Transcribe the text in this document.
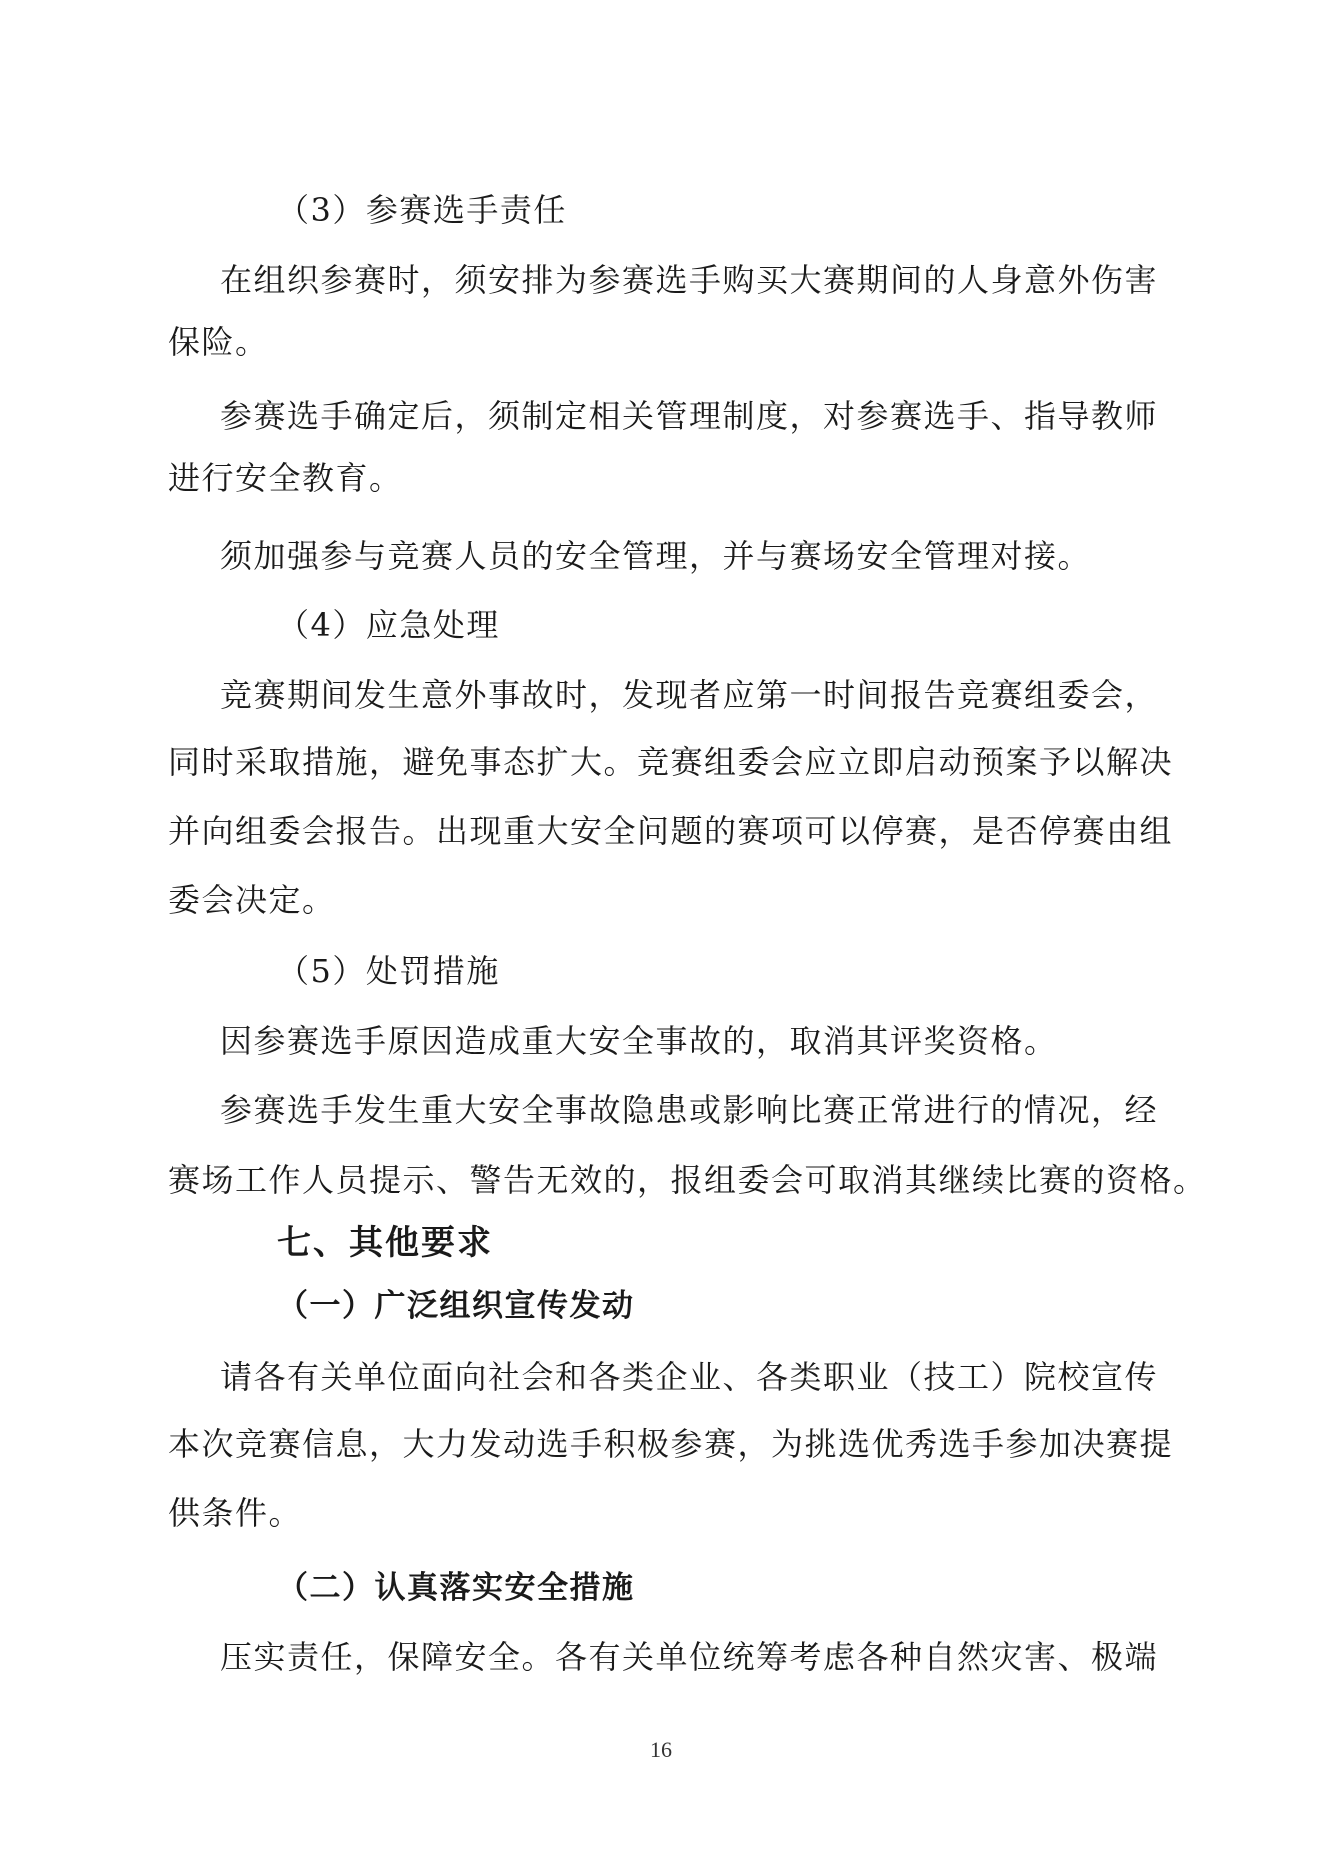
（3）参赛选手责任
在组织参赛时，须安排为参赛选手购买大赛期间的人身意外伤害
保险。
参赛选手确定后，须制定相关管理制度，对参赛选手、指导教师
进行安全教育。
须加强参与竞赛人员的安全管理，并与赛场安全管理对接。
（4）应急处理
竞赛期间发生意外事故时，发现者应第一时间报告竞赛组委会，
同时采取措施，避免事态扩大。竞赛组委会应立即启动预案予以解决
并向组委会报告。出现重大安全问题的赛项可以停赛，是否停赛由组
委会决定。
（5）处罚措施
因参赛选手原因造成重大安全事故的，取消其评奖资格。
参赛选手发生重大安全事故隐患或影响比赛正常进行的情况，经
赛场工作人员提示、警告无效的，报组委会可取消其继续比赛的资格。
七、其他要求
（一）广泛组织宣传发动
请各有关单位面向社会和各类企业、各类职业（技工）院校宣传
本次竞赛信息，大力发动选手积极参赛，为挑选优秀选手参加决赛提
供条件。
（二）认真落实安全措施
压实责任，保障安全。各有关单位统筹考虑各种自然灾害、极端
16
